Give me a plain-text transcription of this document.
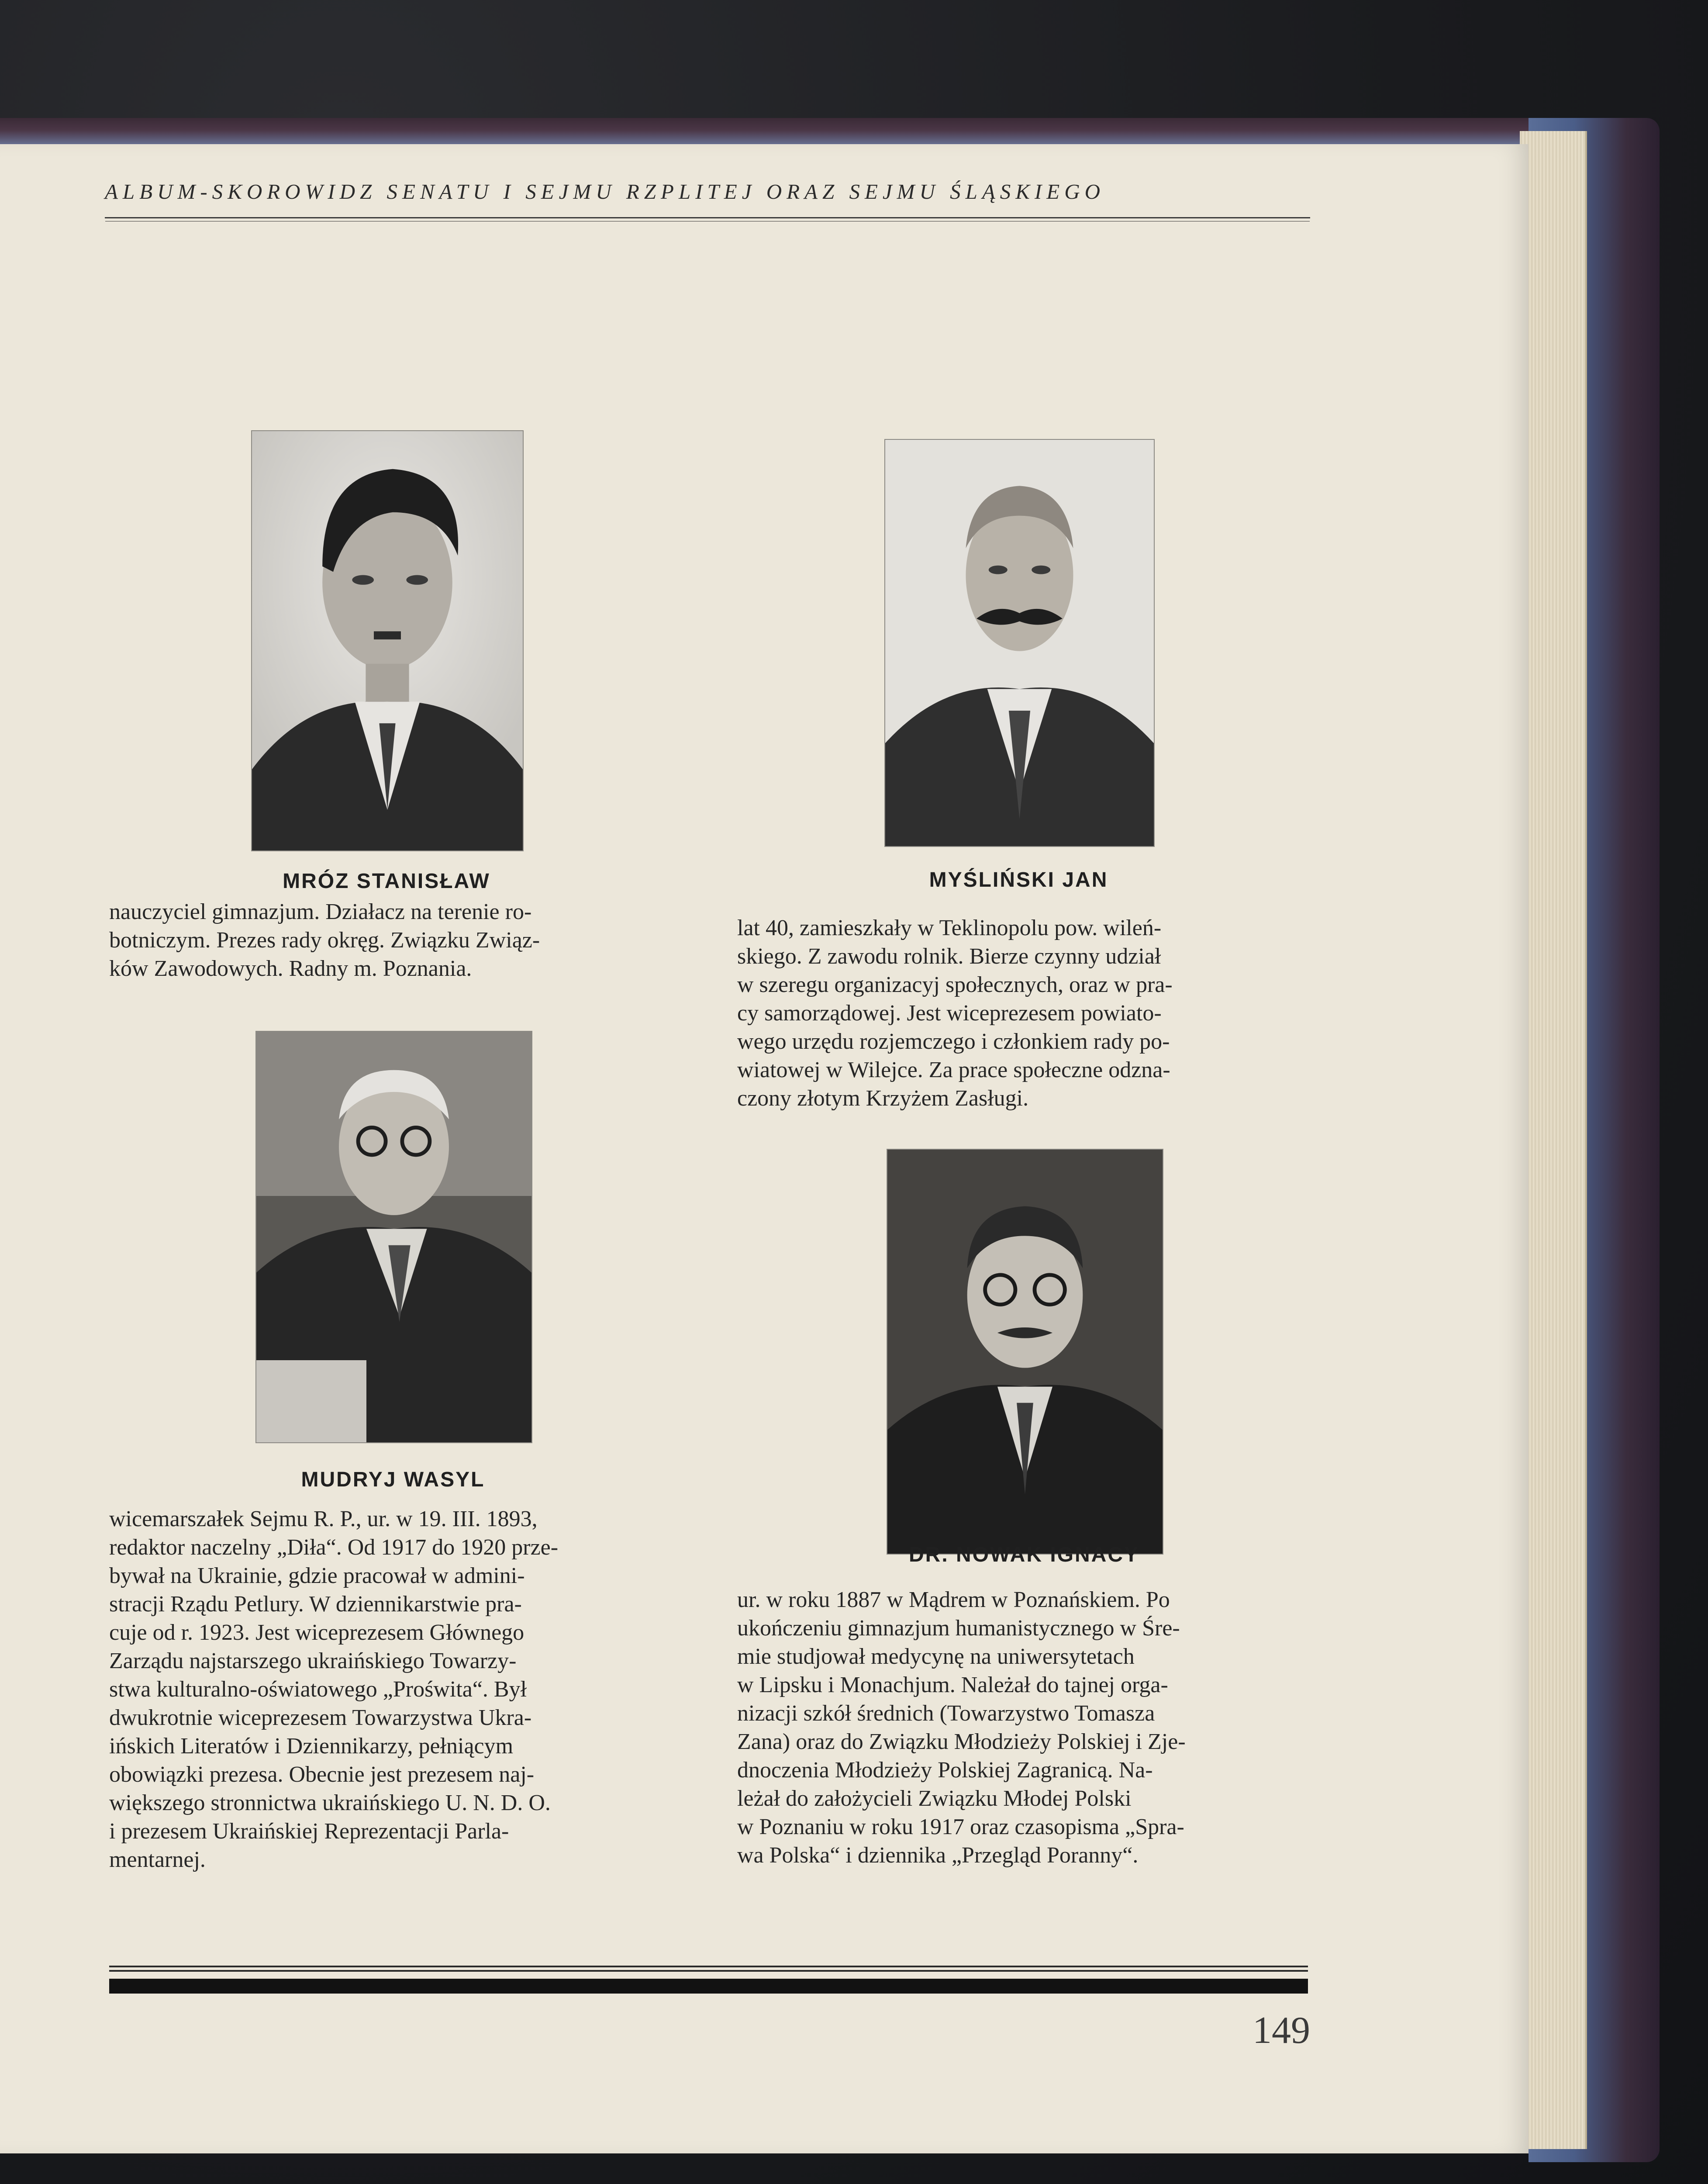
ALBUM-SKOROWIDZ SENATU I SEJMU RZPLITEJ ORAZ SEJMU ŚLĄSKIEGO
MRÓZ STANISŁAW
nauczyciel gimnazjum. Działacz na terenie ro-
botniczym. Prezes rady okręg. Związku Związ-
ków Zawodowych. Radny m. Poznania.
MYŚLIŃSKI JAN
lat 40, zamieszkały w Teklinopolu pow. wileń-
skiego. Z zawodu rolnik. Bierze czynny udział
w szeregu organizacyj społecznych, oraz w pra-
cy samorządowej. Jest wiceprezesem powiato-
wego urzędu rozjemczego i członkiem rady po-
wiatowej w Wilejce. Za prace społeczne odzna-
czony złotym Krzyżem Zasługi.
MUDRYJ WASYL
wicemarszałek Sejmu R. P., ur. w 19. III. 1893,
redaktor naczelny „Diła“. Od 1917 do 1920 prze-
bywał na Ukrainie, gdzie pracował w admini-
stracji Rządu Petlury. W dziennikarstwie pra-
cuje od r. 1923. Jest wiceprezesem Głównego
Zarządu najstarszego ukraińskiego Towarzy-
stwa kulturalno-oświatowego „Proświta“. Był
dwukrotnie wiceprezesem Towarzystwa Ukra-
ińskich Literatów i Dziennikarzy, pełniącym
obowiązki prezesa. Obecnie jest prezesem naj-
większego stronnictwa ukraińskiego U. N. D. O.
i prezesem Ukraińskiej Reprezentacji Parla-
mentarnej.
DR. NOWAK IGNACY
ur. w roku 1887 w Mądrem w Poznańskiem. Po
ukończeniu gimnazjum humanistycznego w Śre-
mie studjował medycynę na uniwersytetach
w Lipsku i Monachjum. Należał do tajnej orga-
nizacji szkół średnich (Towarzystwo Tomasza
Zana) oraz do Związku Młodzieży Polskiej i Zje-
dnoczenia Młodzieży Polskiej Zagranicą. Na-
leżał do założycieli Związku Młodej Polski
w Poznaniu w roku 1917 oraz czasopisma „Spra-
wa Polska“ i dziennika „Przegląd Poranny“.
149
